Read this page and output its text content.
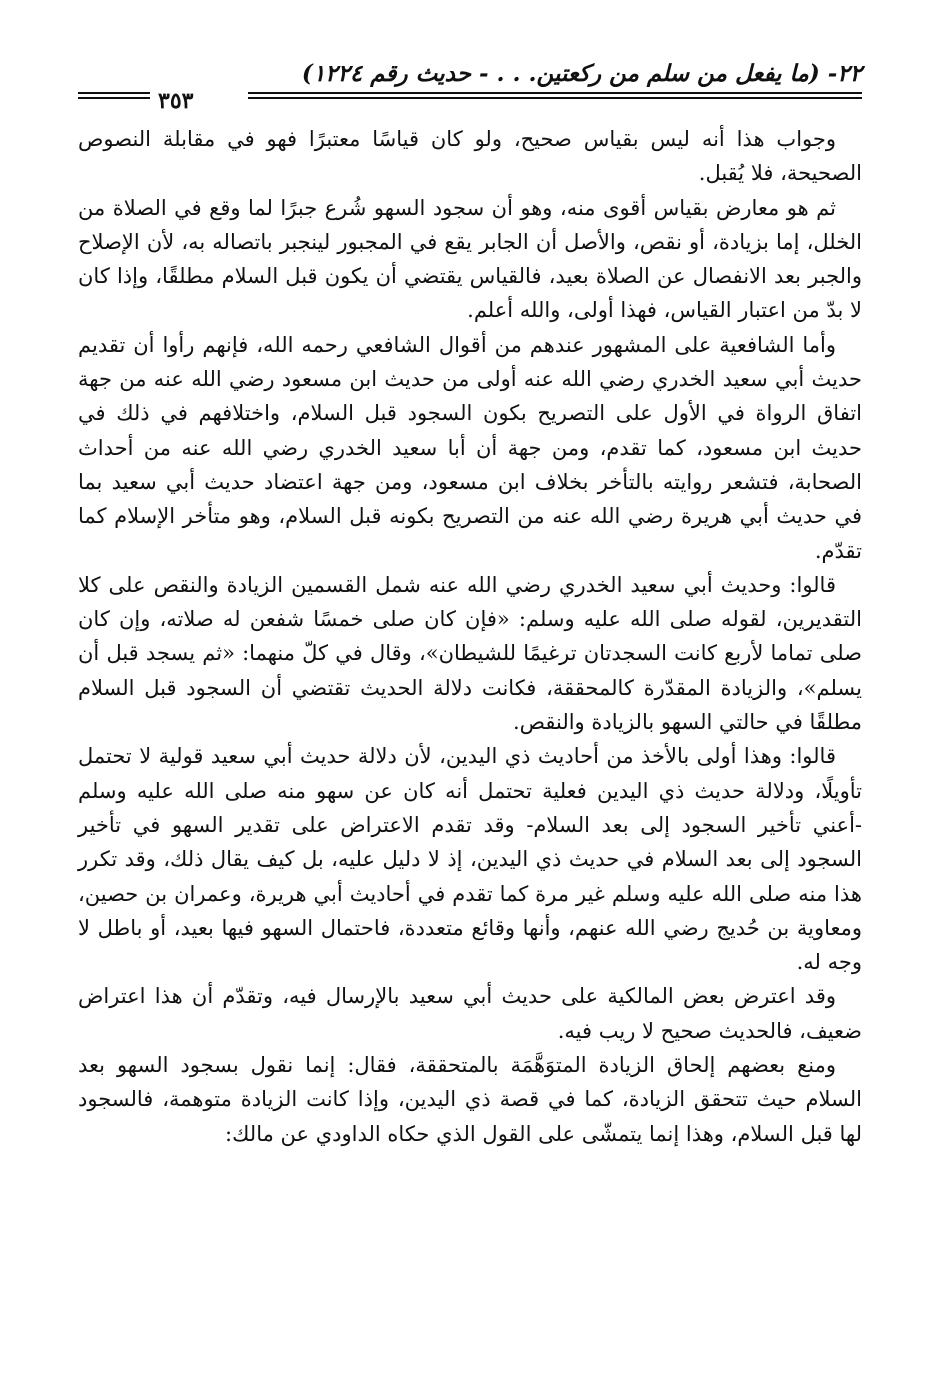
٢٢- (ما يفعل من سلم من ركعتين. . . - حديث رقم ١٢٢٤)
٣٥٣

وجواب هذا أنه ليس بقياس صحيح، ولو كان قياسًا معتبرًا فهو في مقابلة النصوص الصحيحة، فلا يُقبل.

ثم هو معارض بقياس أقوى منه، وهو أن سجود السهو شُرع جبرًا لما وقع في الصلاة من الخلل، إما بزيادة، أو نقص، والأصل أن الجابر يقع في المجبور لينجبر باتصاله به، لأن الإصلاح والجبر بعد الانفصال عن الصلاة بعيد، فالقياس يقتضي أن يكون قبل السلام مطلقًا، وإذا كان لا بدّ من اعتبار القياس، فهذا أولى، والله أعلم.

وأما الشافعية على المشهور عندهم من أقوال الشافعي رحمه الله، فإنهم رأوا أن تقديم حديث أبي سعيد الخدري رضي الله عنه أولى من حديث ابن مسعود رضي الله عنه من جهة اتفاق الرواة في الأول على التصريح بكون السجود قبل السلام، واختلافهم في ذلك في حديث ابن مسعود، كما تقدم، ومن جهة أن أبا سعيد الخدري رضي الله عنه من أحداث الصحابة، فتشعر روايته بالتأخر بخلاف ابن مسعود، ومن جهة اعتضاد حديث أبي سعيد بما في حديث أبي هريرة رضي الله عنه من التصريح بكونه قبل السلام، وهو متأخر الإسلام كما تقدّم.

قالوا: وحديث أبي سعيد الخدري رضي الله عنه شمل القسمين الزيادة والنقص على كلا التقديرين، لقوله صلى الله عليه وسلم: «فإن كان صلى خمسًا شفعن له صلاته، وإن كان صلى تماما لأربع كانت السجدتان ترغيمًا للشيطان»، وقال في كلّ منهما: «ثم يسجد قبل أن يسلم»، والزيادة المقدّرة كالمحققة، فكانت دلالة الحديث تقتضي أن السجود قبل السلام مطلقًا في حالتي السهو بالزيادة والنقص.

قالوا: وهذا أولى بالأخذ من أحاديث ذي اليدين، لأن دلالة حديث أبي سعيد قولية لا تحتمل تأويلًا، ودلالة حديث ذي اليدين فعلية تحتمل أنه كان عن سهو منه صلى الله عليه وسلم -أعني تأخير السجود إلى بعد السلام- وقد تقدم الاعتراض على تقدير السهو في تأخير السجود إلى بعد السلام في حديث ذي اليدين، إذ لا دليل عليه، بل كيف يقال ذلك، وقد تكرر هذا منه صلى الله عليه وسلم غير مرة كما تقدم في أحاديث أبي هريرة، وعمران بن حصين، ومعاوية بن حُديج رضي الله عنهم، وأنها وقائع متعددة، فاحتمال السهو فيها بعيد، أو باطل لا وجه له.

وقد اعترض بعض المالكية على حديث أبي سعيد بالإرسال فيه، وتقدّم أن هذا اعتراض ضعيف، فالحديث صحيح لا ريب فيه.

ومنع بعضهم إلحاق الزيادة المتوَهَّمَة بالمتحققة، فقال: إنما نقول بسجود السهو بعد السلام حيث تتحقق الزيادة، كما في قصة ذي اليدين، وإذا كانت الزيادة متوهمة، فالسجود لها قبل السلام، وهذا إنما يتمشّى على القول الذي حكاه الداودي عن مالك:
